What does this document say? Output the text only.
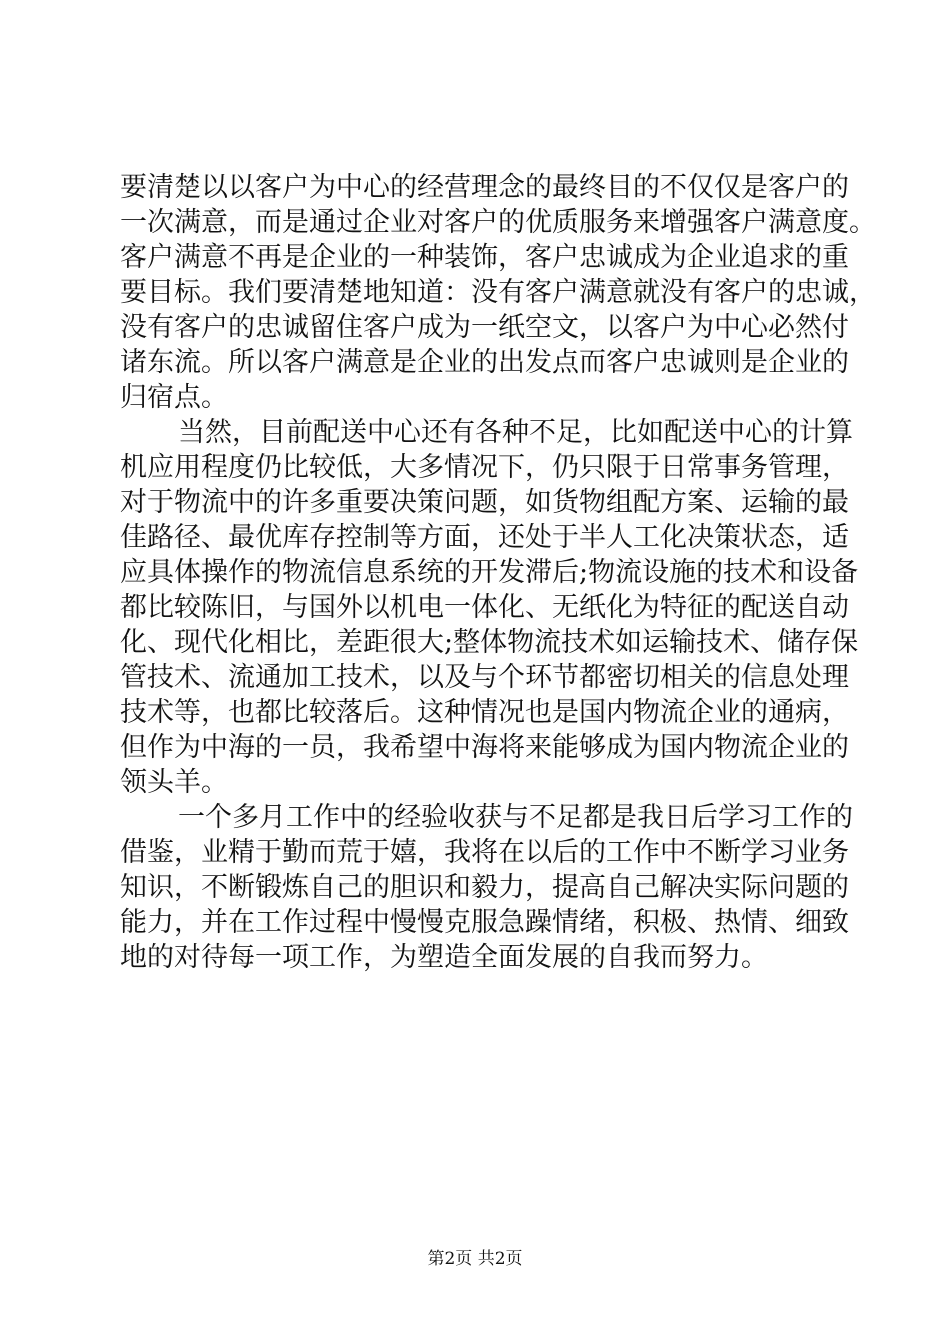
要清楚以以客户为中心的经营理念的最终目的不仅仅是客户的
一次满意，而是通过企业对客户的优质服务来增强客户满意度。
客户满意不再是企业的一种装饰，客户忠诚成为企业追求的重
要目标。我们要清楚地知道：没有客户满意就没有客户的忠诚，
没有客户的忠诚留住客户成为一纸空文，以客户为中心必然付
诸东流。所以客户满意是企业的出发点而客户忠诚则是企业的
归宿点。
当然，目前配送中心还有各种不足，比如配送中心的计算
机应用程度仍比较低，大多情况下，仍只限于日常事务管理，
对于物流中的许多重要决策问题，如货物组配方案、运输的最
佳路径、最优库存控制等方面，还处于半人工化决策状态，适
应具体操作的物流信息系统的开发滞后;物流设施的技术和设备
都比较陈旧，与国外以机电一体化、无纸化为特征的配送自动
化、现代化相比，差距很大;整体物流技术如运输技术、储存保
管技术、流通加工技术，以及与个环节都密切相关的信息处理
技术等，也都比较落后。这种情况也是国内物流企业的通病，
但作为中海的一员，我希望中海将来能够成为国内物流企业的
领头羊。
一个多月工作中的经验收获与不足都是我日后学习工作的
借鉴，业精于勤而荒于嬉，我将在以后的工作中不断学习业务
知识，不断锻炼自己的胆识和毅力，提高自己解决实际问题的
能力，并在工作过程中慢慢克服急躁情绪，积极、热情、细致
地的对待每一项工作，为塑造全面发展的自我而努力。
第2页 共2页
